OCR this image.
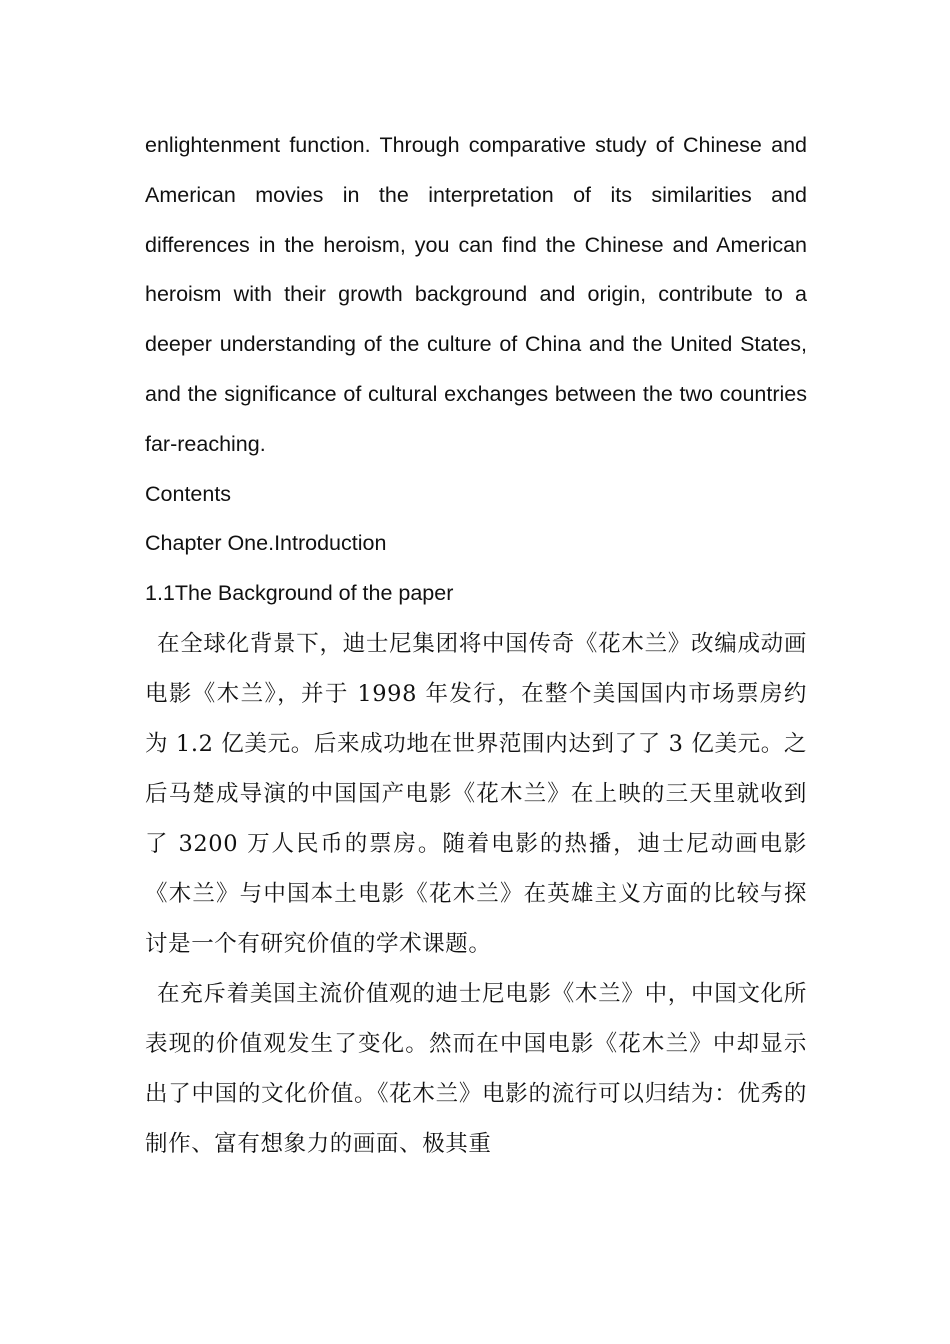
enlightenment function. Through comparative study of Chinese and American movies in the interpretation of its similarities and differences in the heroism, you can find the Chinese and American heroism with their growth background and origin, contribute to a deeper understanding of the culture of China and the United States, and the significance of cultural exchanges between the two countries far-reaching.

Contents

Chapter One.Introduction

1.1The Background of the paper

在全球化背景下，迪士尼集团将中国传奇《花木兰》改编成动画电影《木兰》，并于 1998 年发行，在整个美国国内市场票房约为 1.2 亿美元。后来成功地在世界范围内达到了了 3 亿美元。之后马楚成导演的中国国产电影《花木兰》在上映的三天里就收到了 3200 万人民币的票房。随着电影的热播，迪士尼动画电影《木兰》与中国本土电影《花木兰》在英雄主义方面的比较与探讨是一个有研究价值的学术课题。

在充斥着美国主流价值观的迪士尼电影《木兰》中，中国文化所表现的价值观发生了变化。然而在中国电影《花木兰》中却显示出了中国的文化价值。《花木兰》电影的流行可以归结为：优秀的制作、富有想象力的画面、极其重
